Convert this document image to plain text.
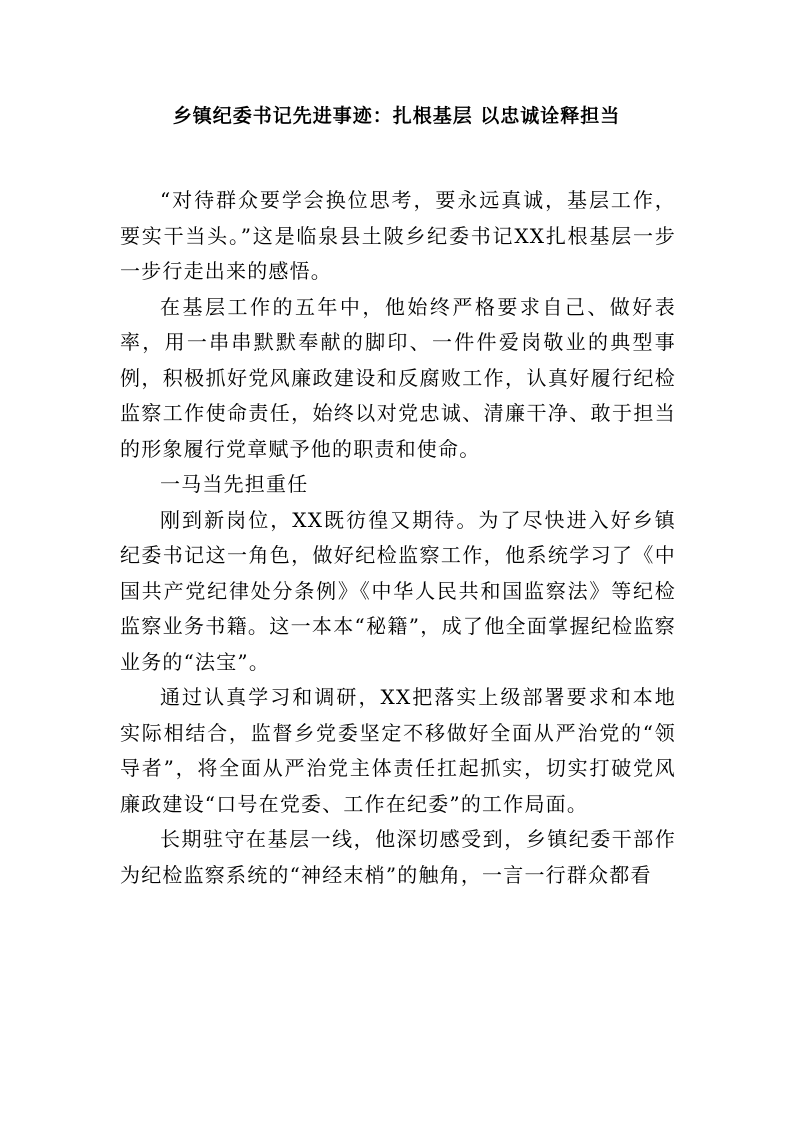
乡镇纪委书记先进事迹：扎根基层 以忠诚诠释担当

“对待群众要学会换位思考，要永远真诚，基层工作，要实干当头。”这是临泉县土陂乡纪委书记XX扎根基层一步一步行走出来的感悟。

在基层工作的五年中，他始终严格要求自己、做好表率，用一串串默默奉献的脚印、一件件爱岗敬业的典型事例，积极抓好党风廉政建设和反腐败工作，认真好履行纪检监察工作使命责任，始终以对党忠诚、清廉干净、敢于担当的形象履行党章赋予他的职责和使命。

一马当先担重任

刚到新岗位，XX既彷徨又期待。为了尽快进入好乡镇纪委书记这一角色，做好纪检监察工作，他系统学习了《中国共产党纪律处分条例》《中华人民共和国监察法》等纪检监察业务书籍。这一本本“秘籍”，成了他全面掌握纪检监察业务的“法宝”。

通过认真学习和调研，XX把落实上级部署要求和本地实际相结合，监督乡党委坚定不移做好全面从严治党的“领导者”，将全面从严治党主体责任扛起抓实，切实打破党风廉政建设“口号在党委、工作在纪委”的工作局面。

长期驻守在基层一线，他深切感受到，乡镇纪委干部作为纪检监察系统的“神经末梢”的触角，一言一行群众都看
